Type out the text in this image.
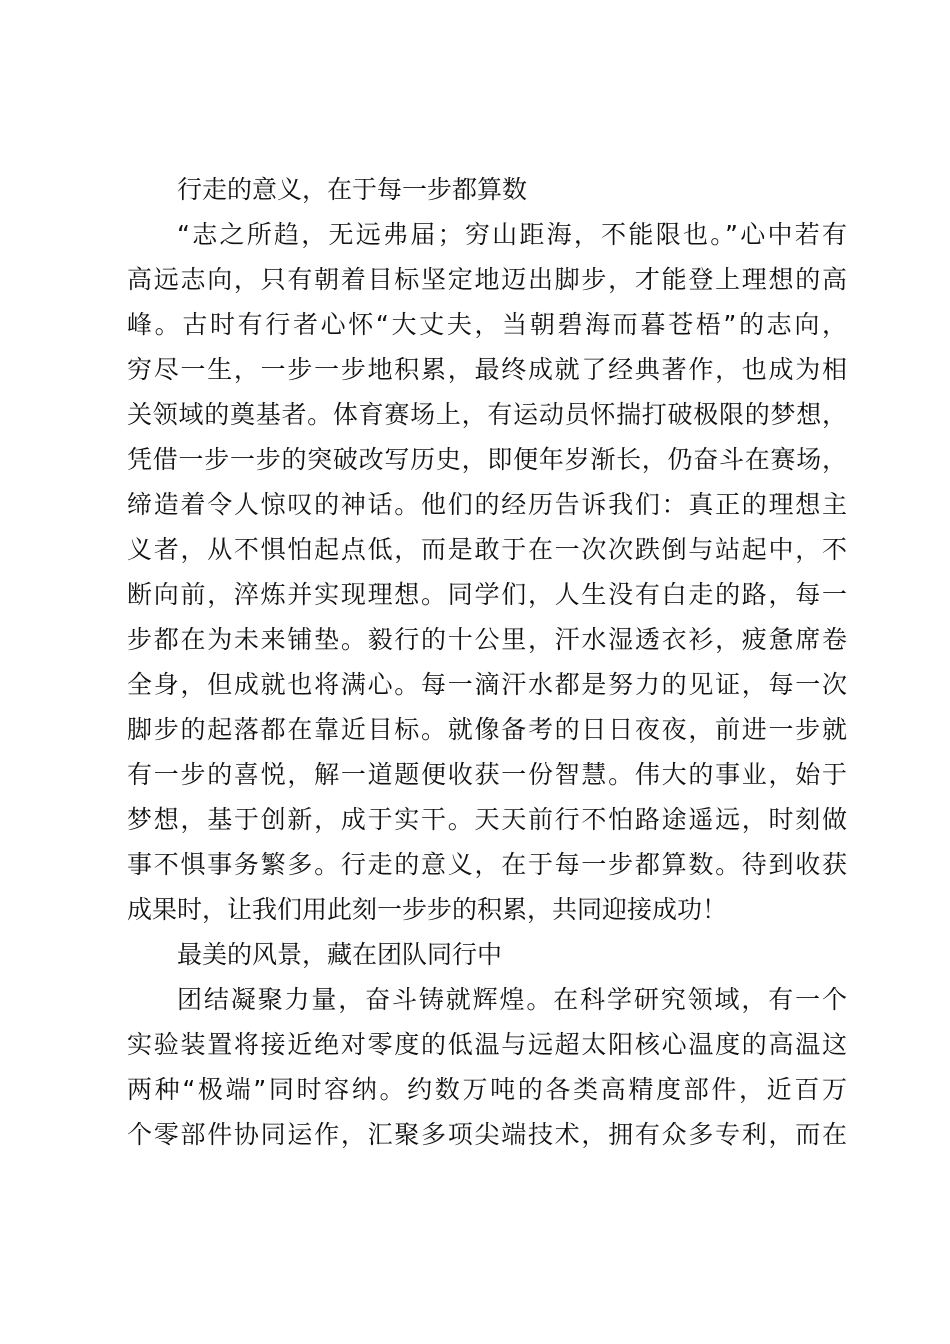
行走的意义，在于每一步都算数
“志之所趋，无远弗届；穷山距海，不能限也。”心中若有
高远志向，只有朝着目标坚定地迈出脚步，才能登上理想的高
峰。古时有行者心怀“大丈夫，当朝碧海而暮苍梧”的志向，
穷尽一生，一步一步地积累，最终成就了经典著作，也成为相
关领域的奠基者。体育赛场上，有运动员怀揣打破极限的梦想，
凭借一步一步的突破改写历史，即便年岁渐长，仍奋斗在赛场，
缔造着令人惊叹的神话。他们的经历告诉我们：真正的理想主
义者，从不惧怕起点低，而是敢于在一次次跌倒与站起中，不
断向前，淬炼并实现理想。同学们，人生没有白走的路，每一
步都在为未来铺垫。毅行的十公里，汗水湿透衣衫，疲惫席卷
全身，但成就也将满心。每一滴汗水都是努力的见证，每一次
脚步的起落都在靠近目标。就像备考的日日夜夜，前进一步就
有一步的喜悦，解一道题便收获一份智慧。伟大的事业，始于
梦想，基于创新，成于实干。天天前行不怕路途遥远，时刻做
事不惧事务繁多。行走的意义，在于每一步都算数。待到收获
成果时，让我们用此刻一步步的积累，共同迎接成功！
最美的风景，藏在团队同行中
团结凝聚力量，奋斗铸就辉煌。在科学研究领域，有一个
实验装置将接近绝对零度的低温与远超太阳核心温度的高温这
两种“极端”同时容纳。约数万吨的各类高精度部件，近百万
个零部件协同运作，汇聚多项尖端技术，拥有众多专利，而在
